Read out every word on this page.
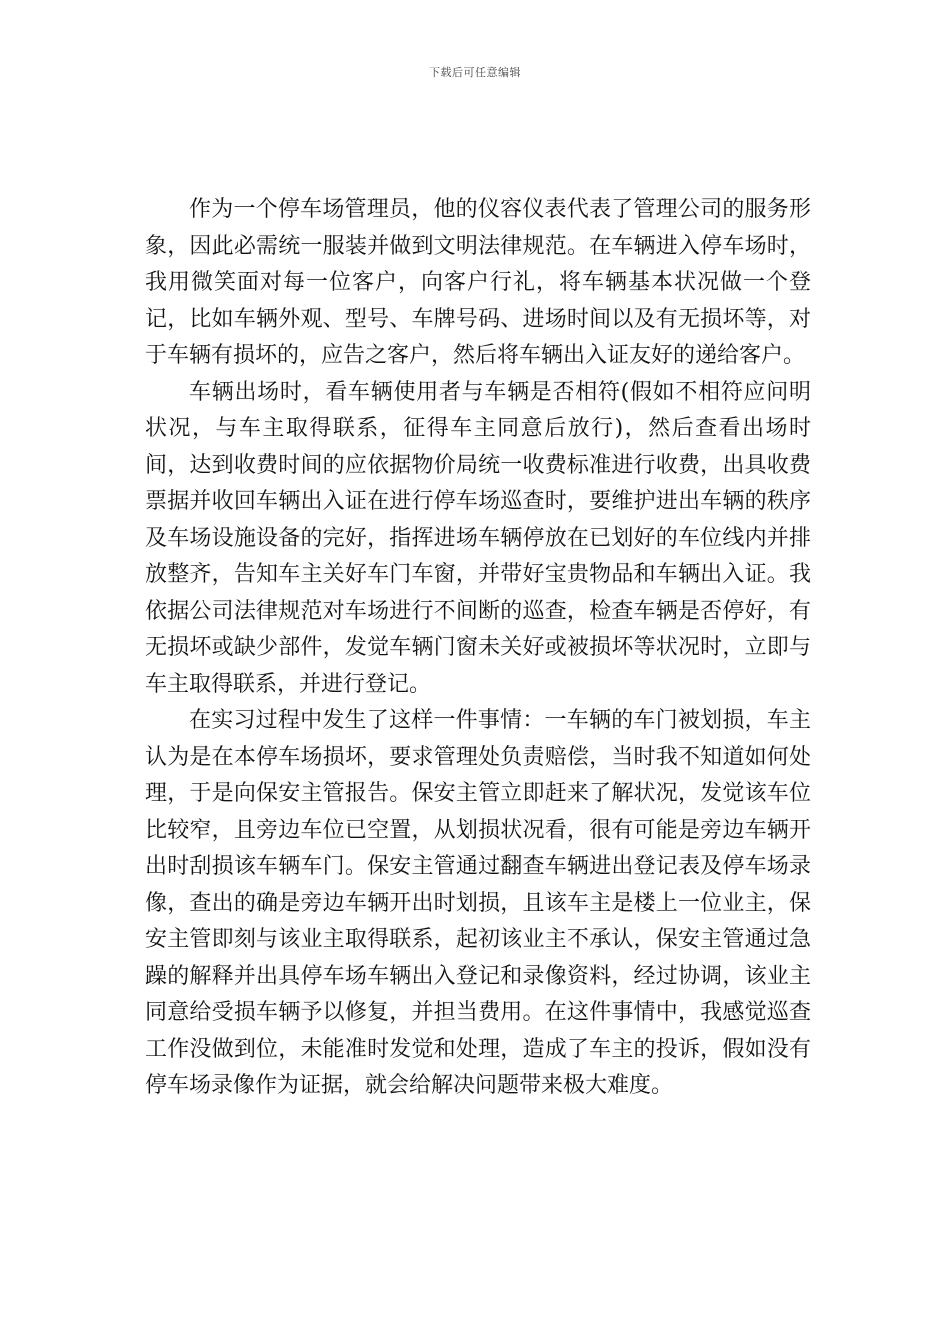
下载后可任意编辑

作为一个停车场管理员，他的仪容仪表代表了管理公司的服务形象，因此必需统一服装并做到文明法律规范。在车辆进入停车场时，我用微笑面对每一位客户，向客户行礼，将车辆基本状况做一个登记，比如车辆外观、型号、车牌号码、进场时间以及有无损坏等，对于车辆有损坏的，应告之客户，然后将车辆出入证友好的递给客户。

车辆出场时，看车辆使用者与车辆是否相符(假如不相符应问明状况，与车主取得联系，征得车主同意后放行)，然后查看出场时间，达到收费时间的应依据物价局统一收费标准进行收费，出具收费票据并收回车辆出入证在进行停车场巡查时，要维护进出车辆的秩序及车场设施设备的完好，指挥进场车辆停放在已划好的车位线内并排放整齐，告知车主关好车门车窗，并带好宝贵物品和车辆出入证。我依据公司法律规范对车场进行不间断的巡查，检查车辆是否停好，有无损坏或缺少部件，发觉车辆门窗未关好或被损坏等状况时，立即与车主取得联系，并进行登记。

在实习过程中发生了这样一件事情：一车辆的车门被划损，车主认为是在本停车场损坏，要求管理处负责赔偿，当时我不知道如何处理，于是向保安主管报告。保安主管立即赶来了解状况，发觉该车位比较窄，且旁边车位已空置，从划损状况看，很有可能是旁边车辆开出时刮损该车辆车门。保安主管通过翻查车辆进出登记表及停车场录像，查出的确是旁边车辆开出时划损，且该车主是楼上一位业主，保安主管即刻与该业主取得联系，起初该业主不承认，保安主管通过急躁的解释并出具停车场车辆出入登记和录像资料，经过协调，该业主同意给受损车辆予以修复，并担当费用。在这件事情中，我感觉巡查工作没做到位，未能准时发觉和处理，造成了车主的投诉，假如没有停车场录像作为证据，就会给解决问题带来极大难度。
